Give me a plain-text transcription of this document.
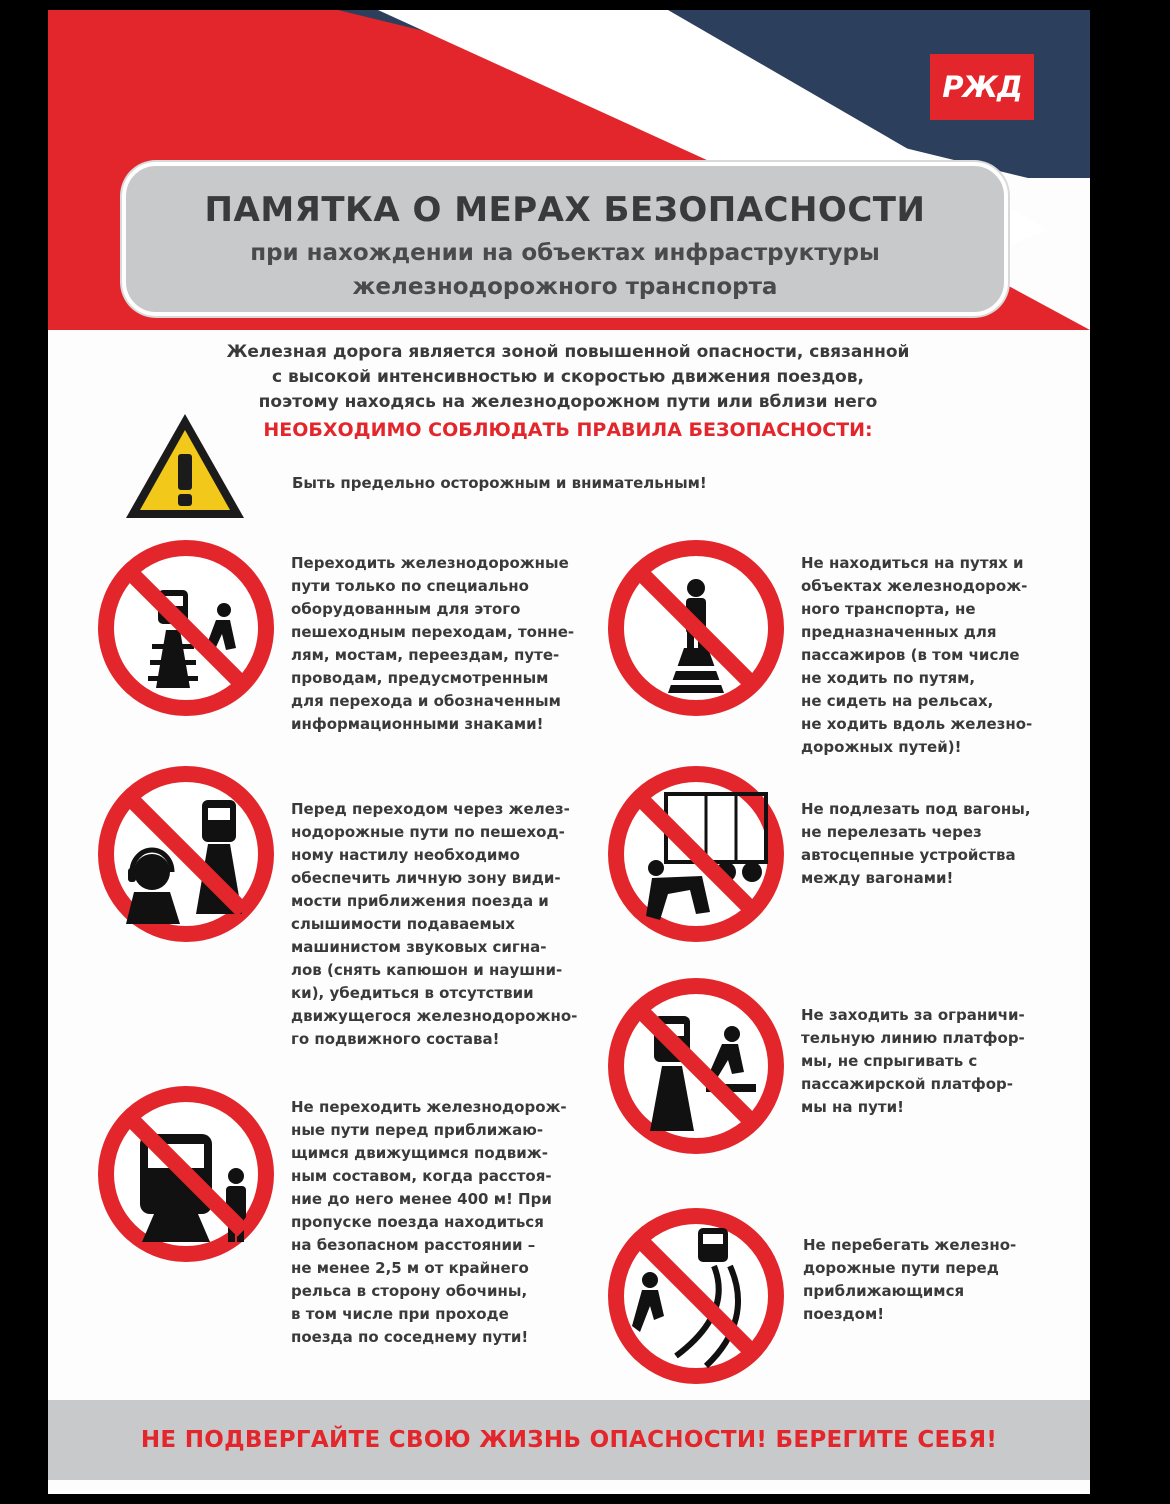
РЖД
ПАМЯТКА О МЕРАХ БЕЗОПАСНОСТИ
при нахождении на объектах инфраструктуры
железнодорожного транспорта
Железная дорога является зоной повышенной опасности, связанной
с высокой интенсивностью и скоростью движения поездов,
поэтому находясь на железнодорожном пути или вблизи него
НЕОБХОДИМО СОБЛЮДАТЬ ПРАВИЛА БЕЗОПАСНОСТИ:
Быть предельно осторожным и внимательным!
Переходить железнодорожные
пути только по специально
оборудованным для этого
пешеходным переходам, тонне-
лям, мостам, переездам, путе-
проводам, предусмотренным
для перехода и обозначенным
информационными знаками!
Не находиться на путях и
объектах железнодорож-
ного транспорта, не
предназначенных для
пассажиров (в том числе
не ходить по путям,
не сидеть на рельсах,
не ходить вдоль железно-
дорожных путей)!
Перед переходом через желез-
нодорожные пути по пешеход-
ному настилу необходимо
обеспечить личную зону види-
мости приближения поезда и
слышимости подаваемых
машинистом звуковых сигна-
лов (снять капюшон и наушни-
ки), убедиться в отсутствии
движущегося железнодорожно-
го подвижного состава!
Не подлезать под вагоны,
не перелезать через
автосцепные устройства
между вагонами!
Не заходить за ограничи-
тельную линию платфор-
мы, не спрыгивать с
пассажирской платфор-
мы на пути!
Не переходить железнодорож-
ные пути перед приближаю-
щимся движущимся подвиж-
ным составом, когда расстоя-
ние до него менее 400 м! При
пропуске поезда находиться
на безопасном расстоянии –
не менее 2,5 м от крайнего
рельса в сторону обочины,
в том числе при проходе
поезда по соседнему пути!
Не перебегать железно-
дорожные пути перед
приближающимся
поездом!
НЕ ПОДВЕРГАЙТЕ СВОЮ ЖИЗНЬ ОПАСНОСТИ! БЕРЕГИТЕ СЕБЯ!
